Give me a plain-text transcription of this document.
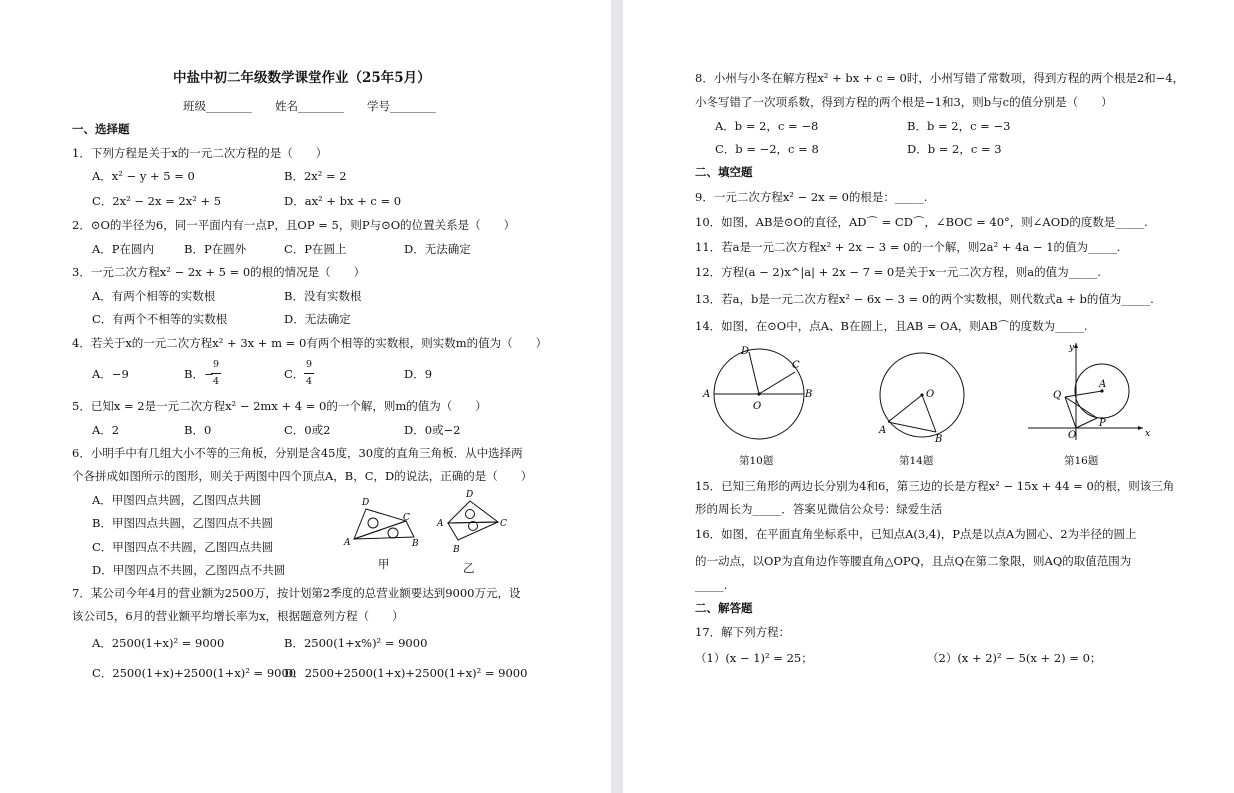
中盐中初二年级数学课堂作业（25年5月）
班级________　　姓名________　　学号________
一、选择题
1．下列方程是关于x的一元二次方程的是（　　）
A．x² − y + 5 = 0	B．2x² = 2
C．2x² − 2x = 2x² + 5	D．ax² + bx + c = 0
2．⊙O的半径为6，同一平面内有一点P，且OP = 5，则P与⊙O的位置关系是（　　）
A．P在圆内	B．P在圆外	C．P在圆上	D．无法确定
3．一元二次方程x² − 2x + 5 = 0的根的情况是（　　）
A．有两个相等的实数根	B．没有实数根
C．有两个不相等的实数根	D．无法确定
4．若关于x的一元二次方程x² + 3x + m = 0有两个相等的实数根，则实数m的值为（　　）
A．−9	B．−
9
4
C．
9
4
D．9
5．已知x = 2是一元二次方程x² − 2mx + 4 = 0的一个解，则m的值为（　　）
A．2	B．0	C．0或2	D．0或−2
6．小明手中有几组大小不等的三角板，分别是含45度，30度的直角三角板．从中选择两
个各拼成如图所示的图形，则关于两图中四个顶点A，B，C，D的说法，正确的是（　　）
A．甲图四点共圆，乙图四点共圆
B．甲图四点共圆，乙图四点不共圆
C．甲图四点不共圆，乙图四点共圆
D．甲图四点不共圆，乙图四点不共圆
A
D
C
B
甲
A
D
C
B
乙
7．某公司今年4月的营业额为2500万，按计划第2季度的总营业额要达到9000万元，设
该公司5，6月的营业额平均增长率为x，根据题意列方程（　　）
A．2500(1+x)² = 9000	B．2500(1+x%)² = 9000
C．2500(1+x)+2500(1+x)² = 9000
D．2500+2500(1+x)+2500(1+x)² = 9000
8．小州与小冬在解方程x² + bx + c = 0时，小州写错了常数项，得到方程的两个根是2和−4，
小冬写错了一次项系数，得到方程的两个根是−1和3，则b与c的值分别是（　　）
A．b = 2，c = −8	B．b = 2，c = −3
C．b = −2，c = 8	D．b = 2，c = 3
二、填空题
9．一元二次方程x² − 2x = 0的根是：_____.
10．如图，AB是⊙O的直径，AD⌒ = CD⌒，∠BOC = 40°，则∠AOD的度数是_____.
11．若a是一元二次方程x² + 2x − 3 = 0的一个解，则2a² + 4a − 1的值为_____.
12．方程(a − 2)x^|a| + 2x − 7 = 0是关于x一元二次方程，则a的值为_____.
13．若a，b是一元二次方程x² − 6x − 3 = 0的两个实数根，则代数式a + b的值为_____.
14．如图，在⊙O中，点A、B在圆上，且AB = OA，则AB⌒的度数为_____.
A	B
C
D
O
第10题
O
A
B
第14题
y
x
O
A
P
Q
第16题
15．已知三角形的两边长分别为4和6，第三边的长是方程x² − 15x + 44 = 0的根，则该三角
形的周长为_____．答案见微信公众号：绿爱生活
16．如图，在平面直角坐标系中，已知点A(3,4)，P点是以点A为圆心、2为半径的圆上
的一动点，以OP为直角边作等腰直角△OPQ，且点Q在第二象限，则AQ的取值范围为
_____.
二、解答题
17．解下列方程：
（1）(x − 1)² = 25；	（2）(x + 2)² − 5(x + 2) = 0；
